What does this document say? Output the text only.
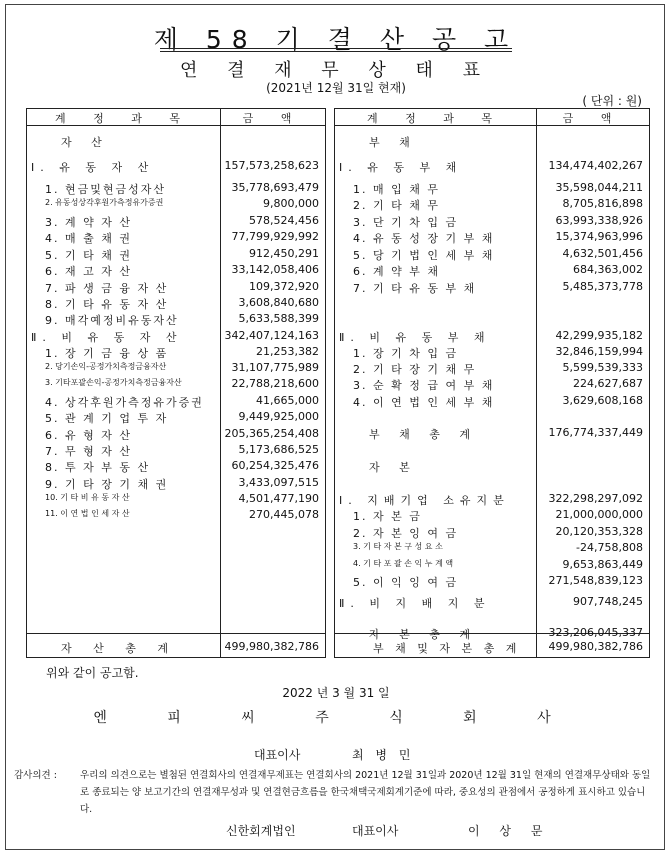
제 58 기 결 산 공 고
연 결 재 무 상 태 표
(2021년 12월 31일 현재)
( 단위 : 원)
계 정 과 목	금 액
자 산
Ⅰ. 유 동 자 산	157,573,258,623
1. 현금및현금성자산	35,778,693,479
2. 유동성상각후원가측정유가증권	9,800,000
3. 계 약 자 산	578,524,456
4. 매 출 채 권	77,799,929,992
5. 기 타 채 권	912,450,291
6. 재 고 자 산	33,142,058,406
7. 파 생 금 융 자 산	109,372,920
8. 기 타 유 동 자 산	3,608,840,680
9. 매각예정비유동자산	5,633,588,399
Ⅱ. 비 유 동 자 산	342,407,124,163
1. 장 기 금 융 상 품	21,253,382
2. 당기손익-공정가치측정금융자산	31,107,775,989
3. 기타포괄손익-공정가치측정금융자산	22,788,218,600
4. 상각후원가측정유가증권	41,665,000
5. 관 계 기 업 투 자	9,449,925,000
6. 유 형 자 산	205,365,254,408
7. 무 형 자 산	5,173,686,525
8. 투 자 부 동 산	60,254,325,476
9. 기 타 장 기 채 권	3,433,097,515
10. 기 타 비 유 동 자 산	4,501,477,190
11. 이 연 법 인 세 자 산	270,445,078
자 산 총 계	499,980,382,786
계 정 과 목	금 액
부 채
Ⅰ. 유 동 부 채	134,474,402,267
1. 매 입 채 무	35,598,044,211
2. 기 타 채 무	8,705,816,898
3. 단 기 차 입 금	63,993,338,926
4. 유 동 성 장 기 부 채	15,374,963,996
5. 당 기 법 인 세 부 채	4,632,501,456
6. 계 약 부 채	684,363,002
7. 기 타 유 동 부 채	5,485,373,778
Ⅱ. 비 유 동 부 채	42,299,935,182
1. 장 기 차 입 금	32,846,159,994
2. 기 타 장 기 채 무	5,599,539,333
3. 순 확 정 급 여 부 채	224,627,687
4. 이 연 법 인 세 부 채	3,629,608,168
부 채 총 계	176,774,337,449
자 본
Ⅰ. 지배기업 소유지분	322,298,297,092
1. 자 본 금	21,000,000,000
2. 자 본 잉 여 금	20,120,353,328
3. 기 타 자 본 구 성 요 소	-24,758,808
4. 기 타 포 괄 손 익 누 계 액	9,653,863,449
5. 이 익 잉 여 금	271,548,839,123
Ⅱ. 비 지 배 지 분	907,748,245
자 본 총 계	323,206,045,337
부 채 및 자 본 총 계	499,980,382,786
위와 같이 공고함.
2022 년 3 월 31 일
엔 피 씨 주 식 회 사
대표이사	최 병 민
감사의견 : 우리의 의견으로는 별첨된 연결회사의 연결재무제표는 연결회사의 2021년 12월 31일과 2020년 12월 31일 현재의 연결재무상태와 동일로 종료되는 양 보고기간의 연결재무성과 및 연결현금흐름을 한국채택국제회계기준에 따라, 중요성의 관점에서 공정하게 표시하고 있습니다.
신한회계법인	대표이사	이 상 문
